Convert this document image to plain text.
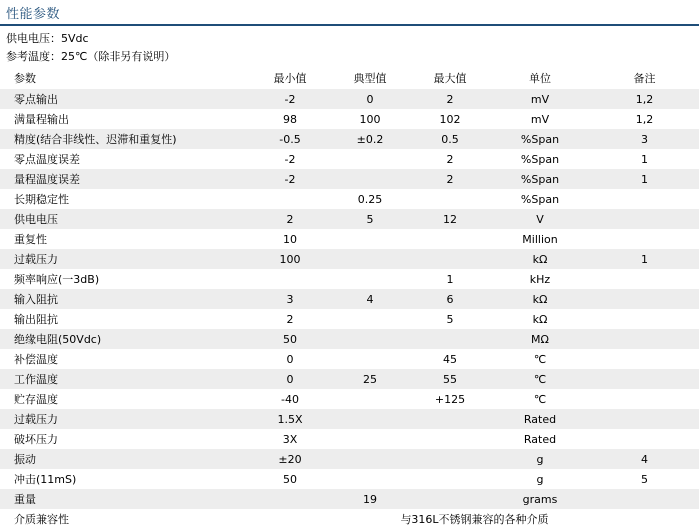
性能参数
供电电压：5Vdc
参考温度：25℃（除非另有说明）
参数	最小值	典型值	最大值	单位	备注
零点输出	-2	0	2	mV	1,2
满量程输出	98	100	102	mV	1,2
精度(结合非线性、迟滞和重复性)	-0.5	±0.2	0.5	%Span	3
零点温度误差	-2		2	%Span	1
量程温度误差	-2		2	%Span	1
长期稳定性		0.25		%Span	
供电电压	2	5	12	V	
重复性	10			Million	
过载压力	100			kΩ	1
频率响应(一3dB)			1	kHz	
输入阻抗	3	4	6	kΩ	
输出阻抗	2		5	kΩ	
绝缘电阻(50Vdc)	50			MΩ	
补偿温度	0		45	℃	
工作温度	0	25	55	℃	
贮存温度	-40		+125	℃	
过载压力	1.5X			Rated	
破坏压力	3X			Rated	
振动	±20			g	4
冲击(11mS)	50			g	5
重量		19		grams	
介质兼容性	与316L不锈钢兼容的各种介质				
